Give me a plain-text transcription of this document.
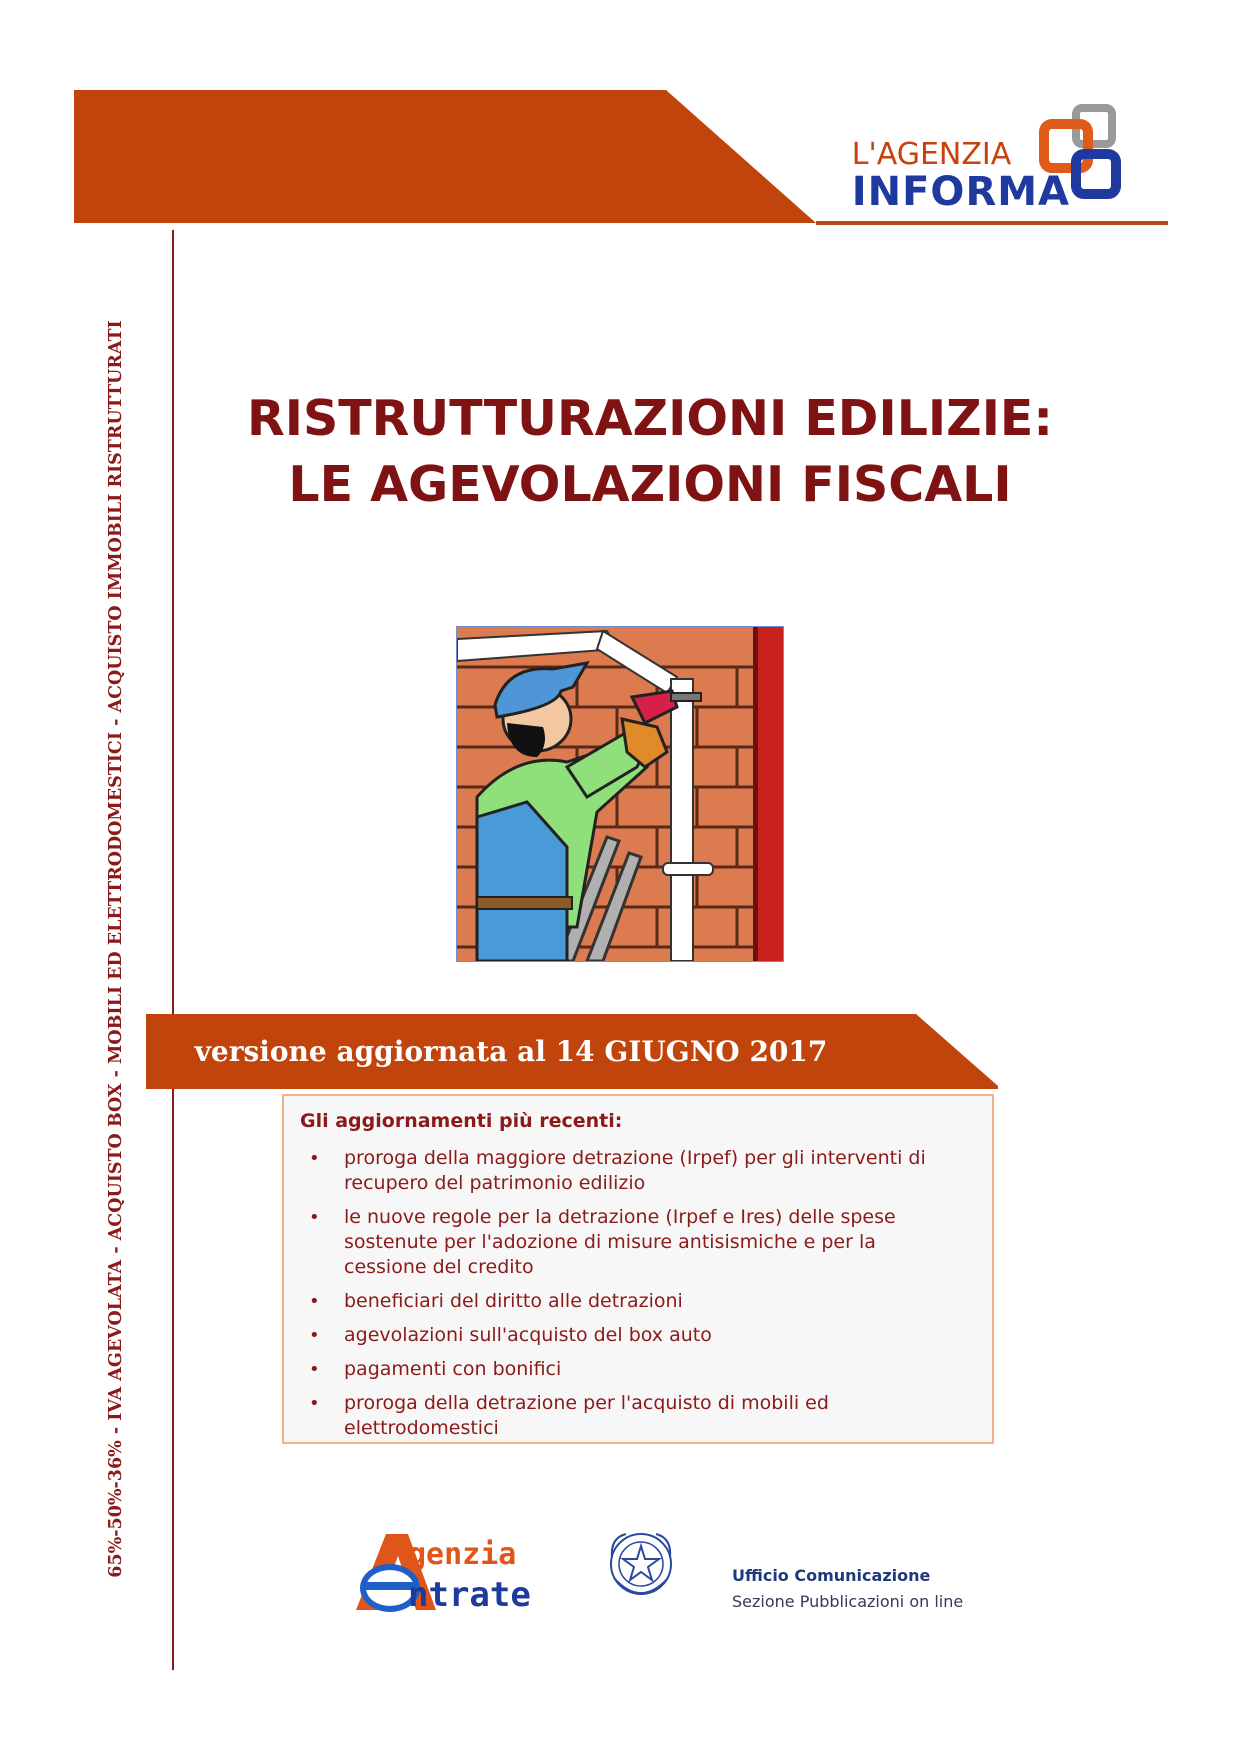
L'AGENZIA
INFORMA
65%-50%-36% - IVA AGEVOLATA - ACQUISTO BOX - MOBILI ED ELETTRODOMESTICI - ACQUISTO IMMOBILI RISTRUTTURATI	RISTRUTTURAZIONI EDILIZIE:
LE AGEVOLAZIONI FISCALI
versione aggiornata al 14 GIUGNO 2017
Gli aggiornamenti più recenti:
• proroga della maggiore detrazione (Irpef) per gli interventi di recupero del patrimonio edilizio
• le nuove regole per la detrazione (Irpef e Ires) delle spese sostenute per l'adozione di misure antisismiche e per la cessione del credito
• beneficiari del diritto alle detrazioni
• agevolazioni sull'acquisto del box auto
• pagamenti con bonifici
• proroga della detrazione per l'acquisto di mobili ed elettrodomestici
genzia
ntrate	Ufficio Comunicazione
Sezione Pubblicazioni on line
